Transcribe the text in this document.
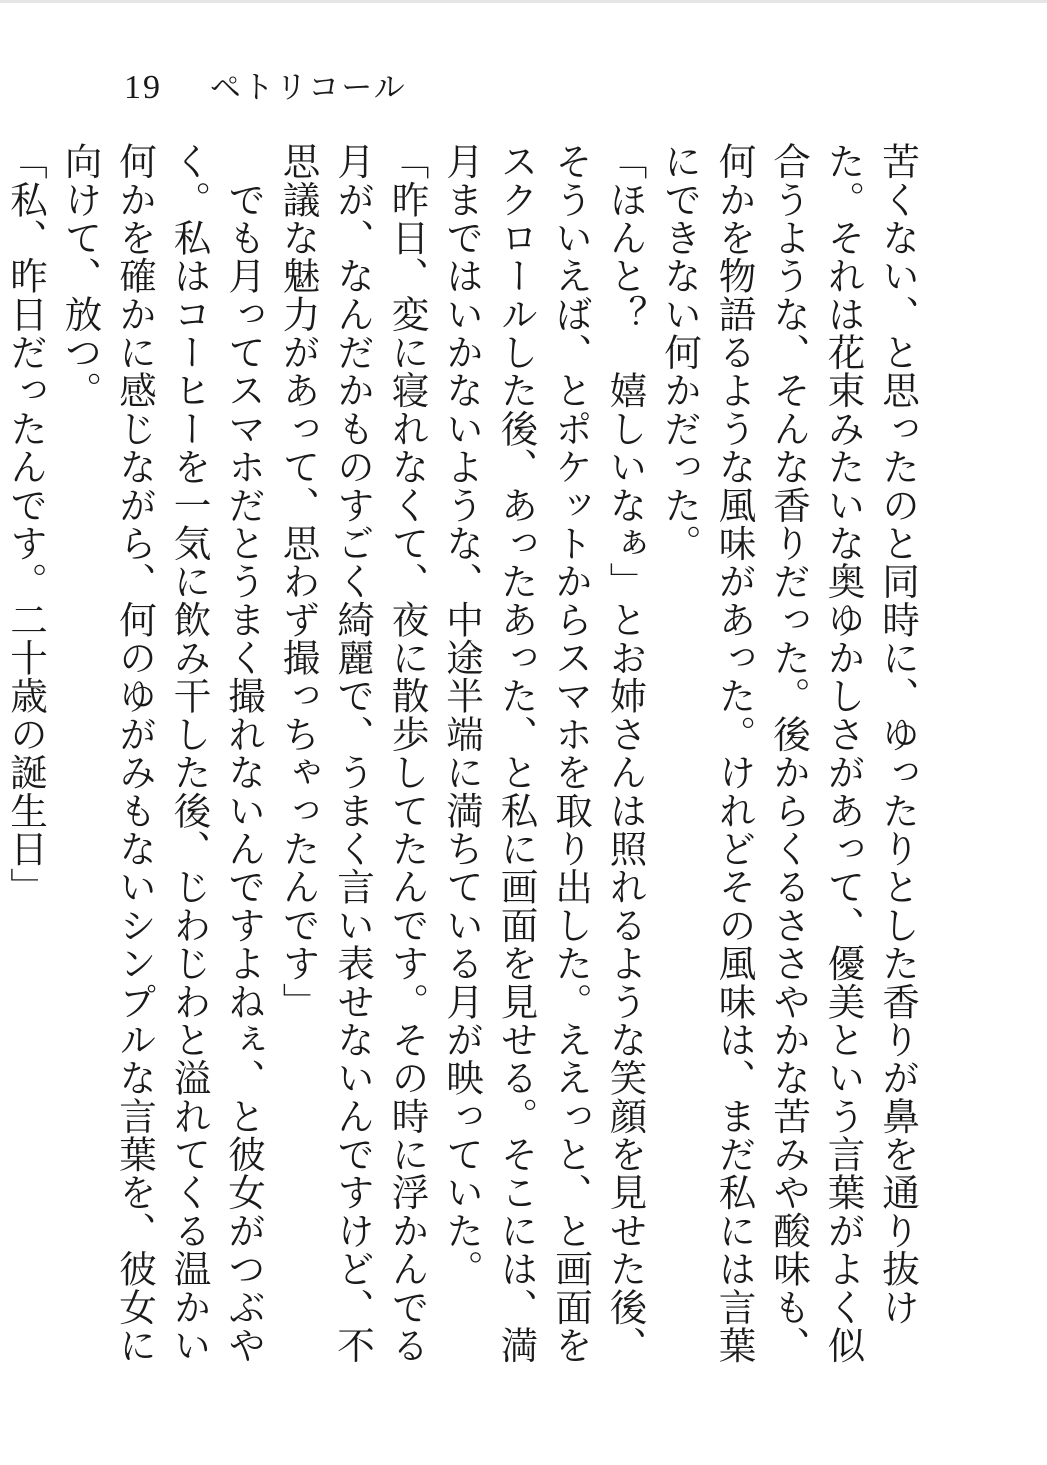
19 ペトリコール

苦くない、と思ったのと同時に、ゆったりとした香りが鼻を通り抜けた。それは花束みたいな奥ゆかしさがあって、優美という言葉がよく似合うような、そんな香りだった。後からくるささやかな苦みや酸味も、何かを物語るような風味があった。けれどその風味は、まだ私には言葉にできない何かだった。

「ほんと？　嬉しいなぁ」とお姉さんは照れるような笑顔を見せた後、そういえば、とポケットからスマホを取り出した。ええっと、と画面をスクロールした後、あったあった、と私に画面を見せる。そこには、満月まではいかないような、中途半端に満ちている月が映っていた。

「昨日、変に寝れなくて、夜に散歩してたんです。その時に浮かんでる月が、なんだかものすごく綺麗で、うまく言い表せないんですけど、不思議な魅力があって、思わず撮っちゃったんです」

　でも月ってスマホだとうまく撮れないんですよねぇ、と彼女がつぶやく。私はコーヒーを一気に飲み干した後、じわじわと溢れてくる温かい何かを確かに感じながら、何のゆがみもないシンプルな言葉を、彼女に向けて、放つ。

「私、昨日だったんです。二十歳の誕生日」
